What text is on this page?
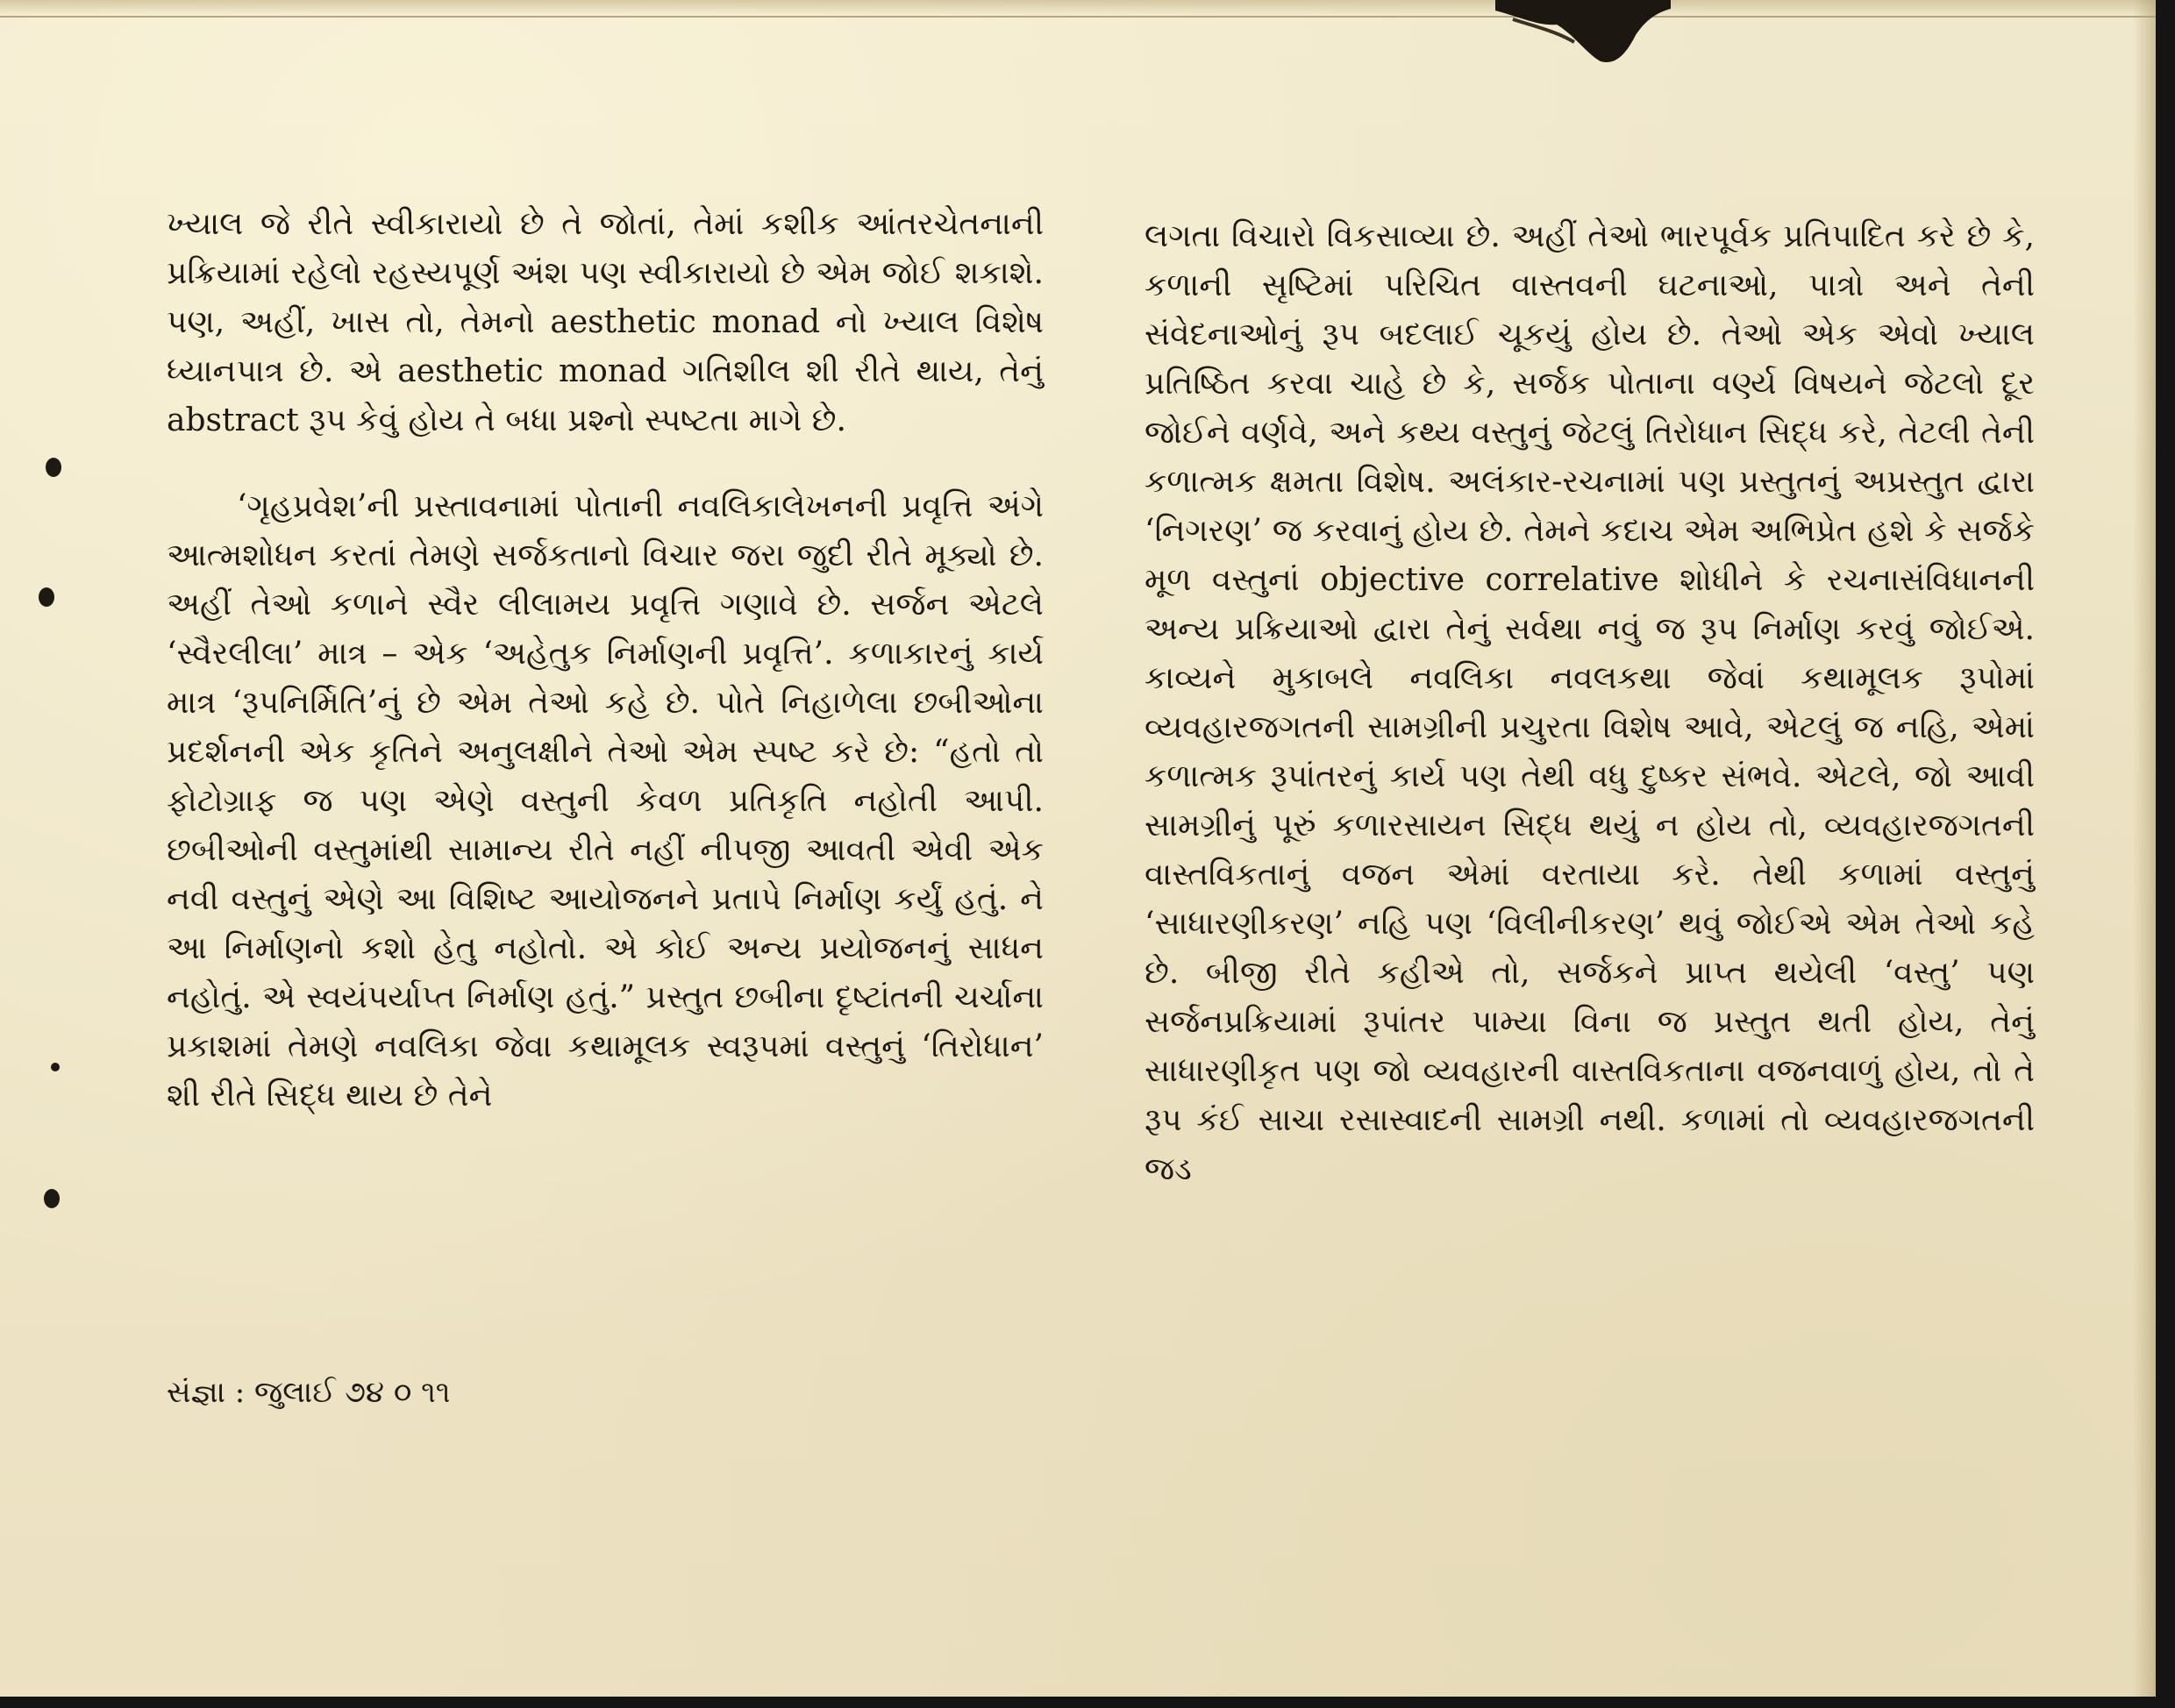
ખ્યાલ જે રીતે સ્વીકારાયો છે તે જોતાં, તેમાં કશીક આંતરચેતનાની પ્રક્રિયામાં રહેલો રહસ્યપૂર્ણ અંશ પણ સ્વીકારાયો છે એમ જોઈ શકાશે. પણ, અહીં, ખાસ તો, તેમનો aesthetic monad નો ખ્યાલ વિશેષ ધ્યાનપાત્ર છે. એ aesthetic monad ગતિશીલ શી રીતે થાય, તેનું abstract રૂપ કેવું હોય તે બધા પ્રશ્નો સ્પષ્ટતા માગે છે.

‘ગૃહપ્રવેશ’ની પ્રસ્તાવનામાં પોતાની નવલિકાલેખનની પ્રવૃત્તિ અંગે આત્મશોધન કરતાં તેમણે સર્જકતાનો વિચાર જરા જુદી રીતે મૂક્યો છે. અહીં તેઓ કળાને સ્વૈર લીલામય પ્રવૃત્તિ ગણાવે છે. સર્જન એટલે ‘સ્વૈરલીલા’ માત્ર – એક ‘અહેતુક નિર્માણની પ્રવૃત્તિ’. કળાકારનું કાર્ય માત્ર ‘રૂપનિર્મિતિ’નું છે એમ તેઓ કહે છે. પોતે નિહાળેલા છબીઓના પ્રદર્શનની એક કૃતિને અનુલક્ષીને તેઓ એમ સ્પષ્ટ કરે છે: “હતો તો ફોટોગ્રાફ જ પણ એણે વસ્તુની કેવળ પ્રતિકૃતિ નહોતી આપી. છબીઓની વસ્તુમાંથી સામાન્ય રીતે નહીં નીપજી આવતી એવી એક નવી વસ્તુનું એણે આ વિશિષ્ટ આયોજનને પ્રતાપે નિર્માણ કર્યું હતું. ને આ નિર્માણનો કશો હેતુ નહોતો. એ કોઈ અન્ય પ્રયોજનનું સાધન નહોતું. એ સ્વયંપર્યાપ્ત નિર્માણ હતું.” પ્રસ્તુત છબીના દૃષ્ટાંતની ચર્ચાના પ્રકાશમાં તેમણે નવલિકા જેવા કથામૂલક સ્વરૂપમાં વસ્તુનું ‘તિરોધાન’ શી રીતે સિદ્ધ થાય છે તેને

લગતા વિચારો વિકસાવ્યા છે. અહીં તેઓ ભારપૂર્વક પ્રતિપાદિત કરે છે કે, કળાની સૃષ્ટિમાં પરિચિત વાસ્તવની ઘટનાઓ, પાત્રો અને તેની સંવેદનાઓનું રૂપ બદલાઈ ચૂકયું હોય છે. તેઓ એક એવો ખ્યાલ પ્રતિષ્ઠિત કરવા ચાહે છે કે, સર્જક પોતાના વર્ણ્ય વિષયને જેટલો દૂર જોઈને વર્ણવે, અને કથ્ય વસ્તુનું જેટલું તિરોધાન સિદ્ધ કરે, તેટલી તેની કળાત્મક ક્ષમતા વિશેષ. અલંકાર-રચનામાં પણ પ્રસ્તુતનું અપ્રસ્તુત દ્વારા ‘નિગરણ’ જ કરવાનું હોય છે. તેમને કદાચ એમ અભિપ્રેત હશે કે સર્જકે મૂળ વસ્તુનાં objective correlative શોધીને કે રચનાસંવિધાનની અન્ય પ્રક્રિયાઓ દ્વારા તેનું સર્વથા નવું જ રૂપ નિર્માણ કરવું જોઈએ. કાવ્યને મુકાબલે નવલિકા નવલકથા જેવાં કથામૂલક રૂપોમાં વ્યવહારજગતની સામગ્રીની પ્રચુરતા વિશેષ આવે, એટલું જ નહિ, એમાં કળાત્મક રૂપાંતરનું કાર્ય પણ તેથી વધુ દુષ્કર સંભવે. એટલે, જો આવી સામગ્રીનું પૂરું કળારસાયન સિદ્ધ થયું ન હોય તો, વ્યવહારજગતની વાસ્તવિકતાનું વજન એમાં વરતાયા કરે. તેથી કળામાં વસ્તુનું ‘સાધારણીકરણ’ નહિ પણ ‘વિલીનીકરણ’ થવું જોઈએ એમ તેઓ કહે છે. બીજી રીતે કહીએ તો, સર્જકને પ્રાપ્ત થયેલી ‘વસ્તુ’ પણ સર્જનપ્રક્રિયામાં રૂપાંતર પામ્યા વિના જ પ્રસ્તુત થતી હોય, તેનું સાધારણીકૃત પણ જો વ્યવહારની વાસ્તવિકતાના વજનવાળું હોય, તો તે રૂપ કંઈ સાચા રસાસ્વાદની સામગ્રી નથી. કળામાં તો વ્યવહારજગતની જડ

સંજ્ઞા : જુલાઈ ૭૪ ૦ ૧૧
